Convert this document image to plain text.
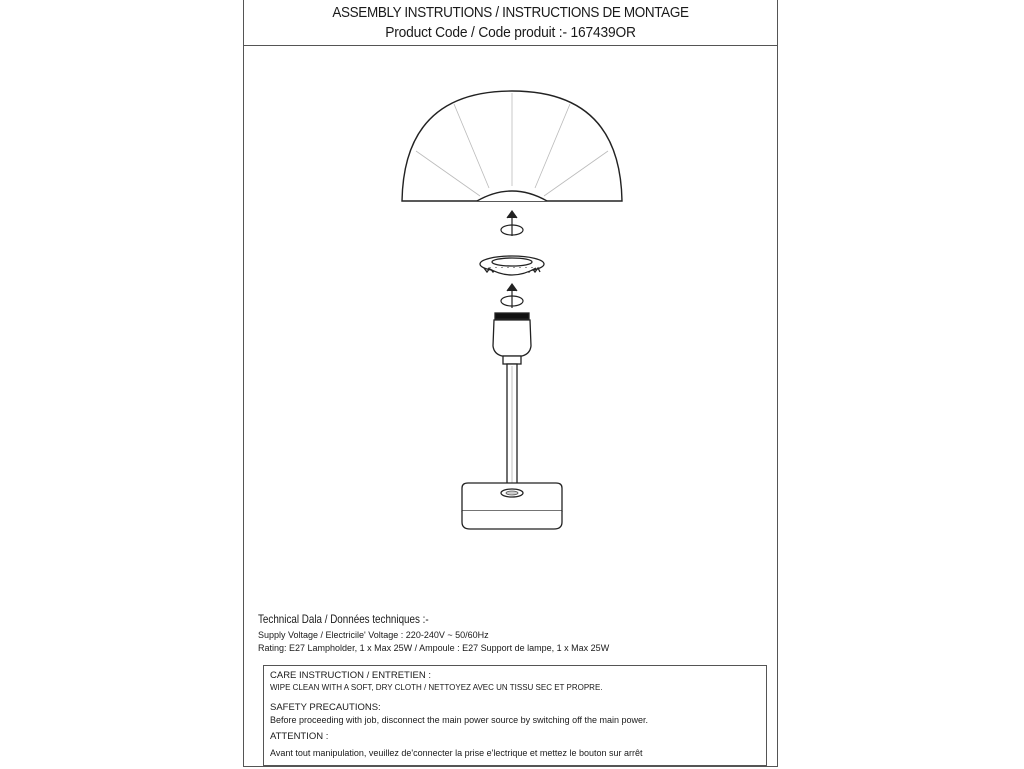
ASSEMBLY INSTRUTIONS / INSTRUCTIONS DE MONTAGE
Product Code / Code produit :- 167439OR
Technical Dala / Données techniques :-
Supply Voltage / Electricile' Voltage : 220-240V ~ 50/60Hz
Rating: E27 Lampholder, 1 x Max 25W / Ampoule : E27 Support de lampe, 1 x Max 25W
CARE INSTRUCTION / ENTRETIEN :
WIPE CLEAN WITH A SOFT, DRY CLOTH / NETTOYEZ AVEC UN TISSU SEC ET PROPRE.
SAFETY PRECAUTIONS:
Before proceeding with job, disconnect the main power source by switching off the main power.
ATTENTION :
Avant tout manipulation, veuillez de'connecter la prise e'lectrique et mettez le bouton sur arrêt
